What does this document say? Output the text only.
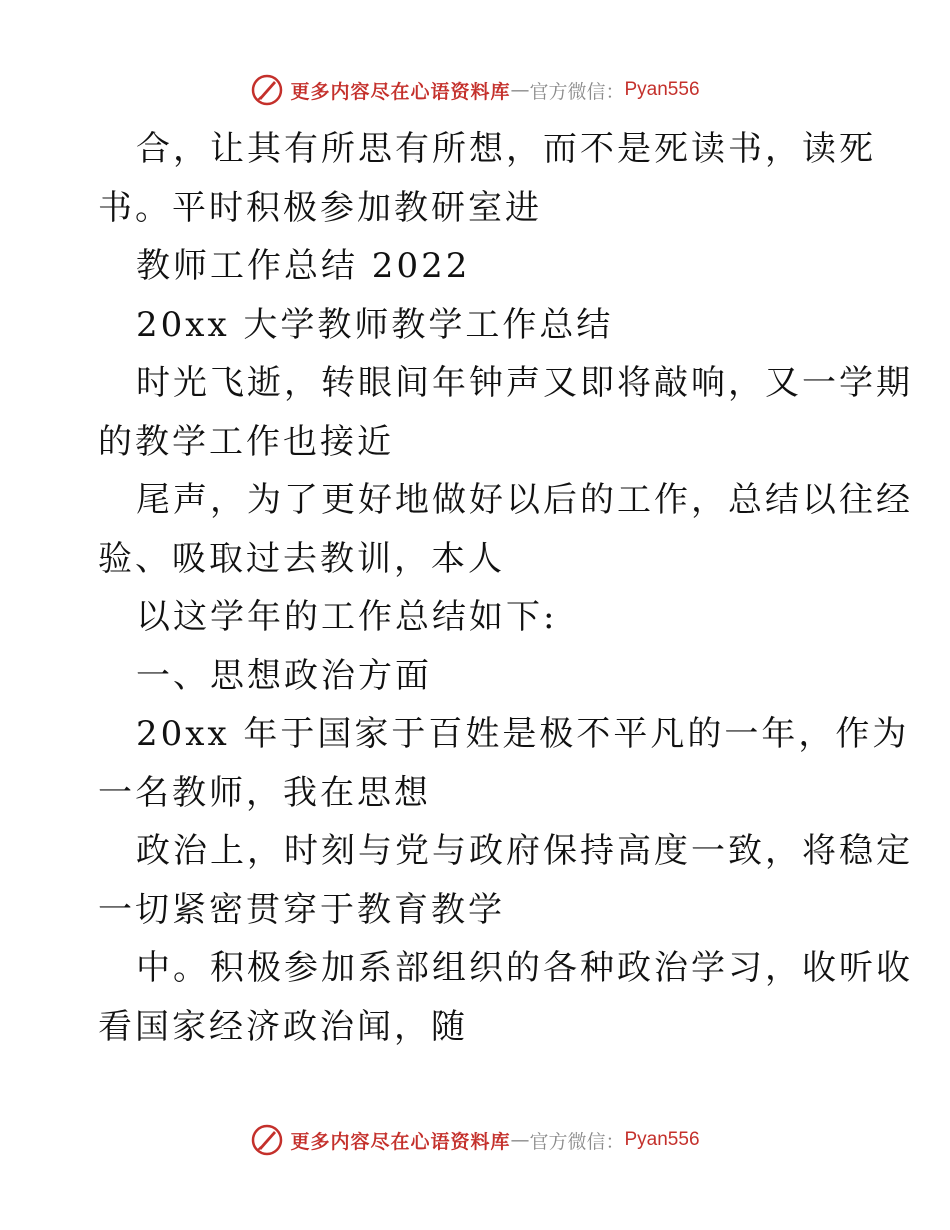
更多内容尽在心语资料库 — 官方微信： Pyan556
合，让其有所思有所想，而不是死读书，读死
书。平时积极参加教研室进
教师工作总结 2022
20xx 大学教师教学工作总结
时光飞逝，转眼间年钟声又即将敲响，又一学期
的教学工作也接近
尾声，为了更好地做好以后的工作，总结以往经
验、吸取过去教训，本人
以这学年的工作总结如下:
一、思想政治方面
20xx 年于国家于百姓是极不平凡的一年，作为
一名教师，我在思想
政治上，时刻与党与政府保持高度一致，将稳定
一切紧密贯穿于教育教学
中。积极参加系部组织的各种政治学习，收听收
看国家经济政治闻，随
更多内容尽在心语资料库 — 官方微信： Pyan556
